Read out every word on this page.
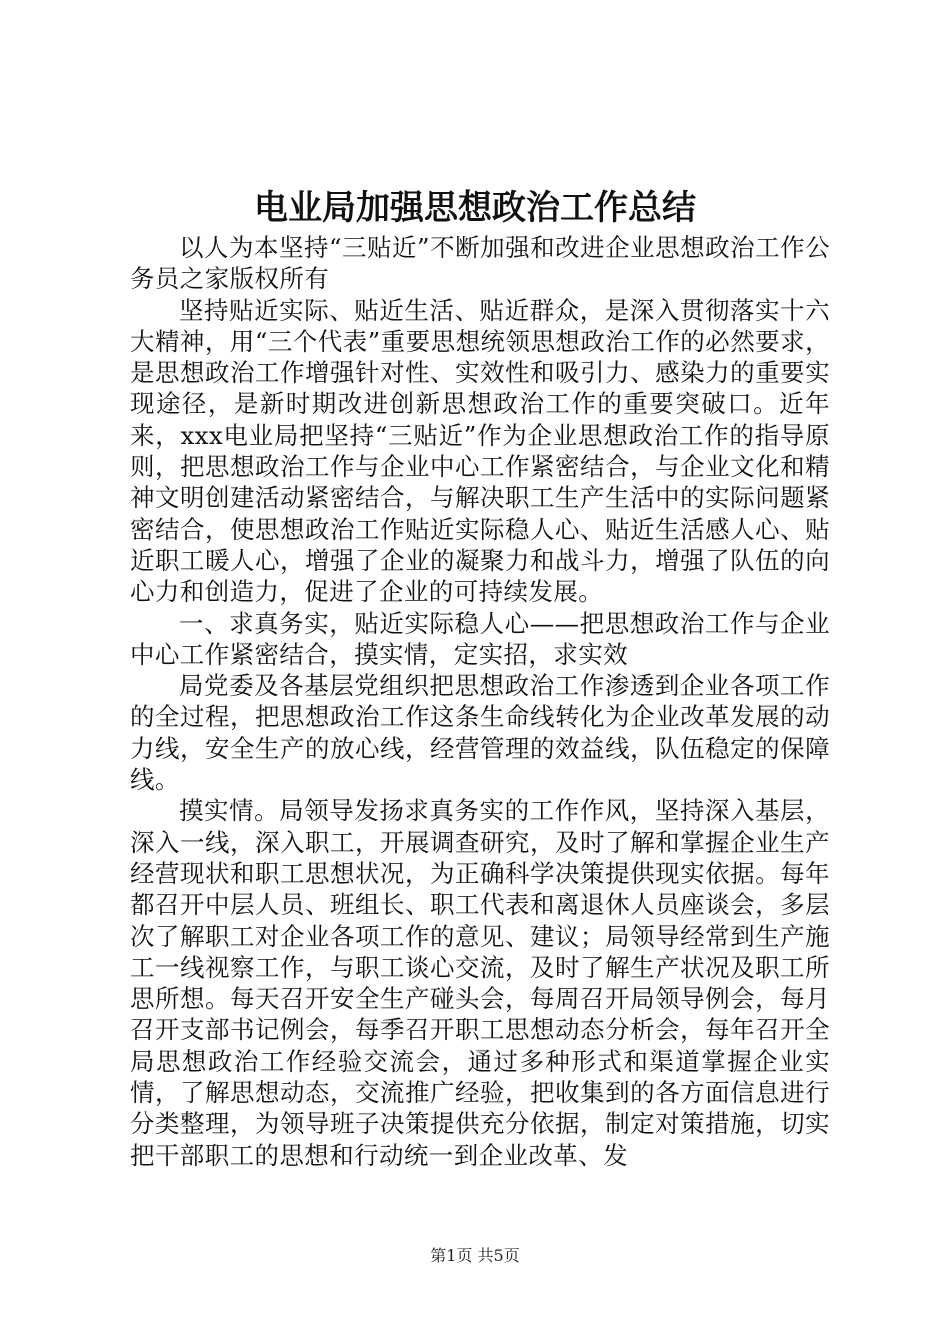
电业局加强思想政治工作总结

以人为本坚持“三贴近”不断加强和改进企业思想政治工作公务员之家版权所有

坚持贴近实际、贴近生活、贴近群众，是深入贯彻落实十六大精神，用“三个代表”重要思想统领思想政治工作的必然要求，是思想政治工作增强针对性、实效性和吸引力、感染力的重要实现途径，是新时期改进创新思想政治工作的重要突破口。近年来，xxx电业局把坚持“三贴近”作为企业思想政治工作的指导原则，把思想政治工作与企业中心工作紧密结合，与企业文化和精神文明创建活动紧密结合，与解决职工生产生活中的实际问题紧密结合，使思想政治工作贴近实际稳人心、贴近生活感人心、贴近职工暖人心，增强了企业的凝聚力和战斗力，增强了队伍的向心力和创造力，促进了企业的可持续发展。

一、求真务实，贴近实际稳人心——把思想政治工作与企业中心工作紧密结合，摸实情，定实招，求实效

局党委及各基层党组织把思想政治工作渗透到企业各项工作的全过程，把思想政治工作这条生命线转化为企业改革发展的动力线，安全生产的放心线，经营管理的效益线，队伍稳定的保障线。

摸实情。局领导发扬求真务实的工作作风，坚持深入基层，深入一线，深入职工，开展调查研究，及时了解和掌握企业生产经营现状和职工思想状况，为正确科学决策提供现实依据。每年都召开中层人员、班组长、职工代表和离退休人员座谈会，多层次了解职工对企业各项工作的意见、建议；局领导经常到生产施工一线视察工作，与职工谈心交流，及时了解生产状况及职工所思所想。每天召开安全生产碰头会，每周召开局领导例会，每月召开支部书记例会，每季召开职工思想动态分析会，每年召开全局思想政治工作经验交流会，通过多种形式和渠道掌握企业实情，了解思想动态，交流推广经验，把收集到的各方面信息进行分类整理，为领导班子决策提供充分依据，制定对策措施，切实把干部职工的思想和行动统一到企业改革、发

第1页 共5页
